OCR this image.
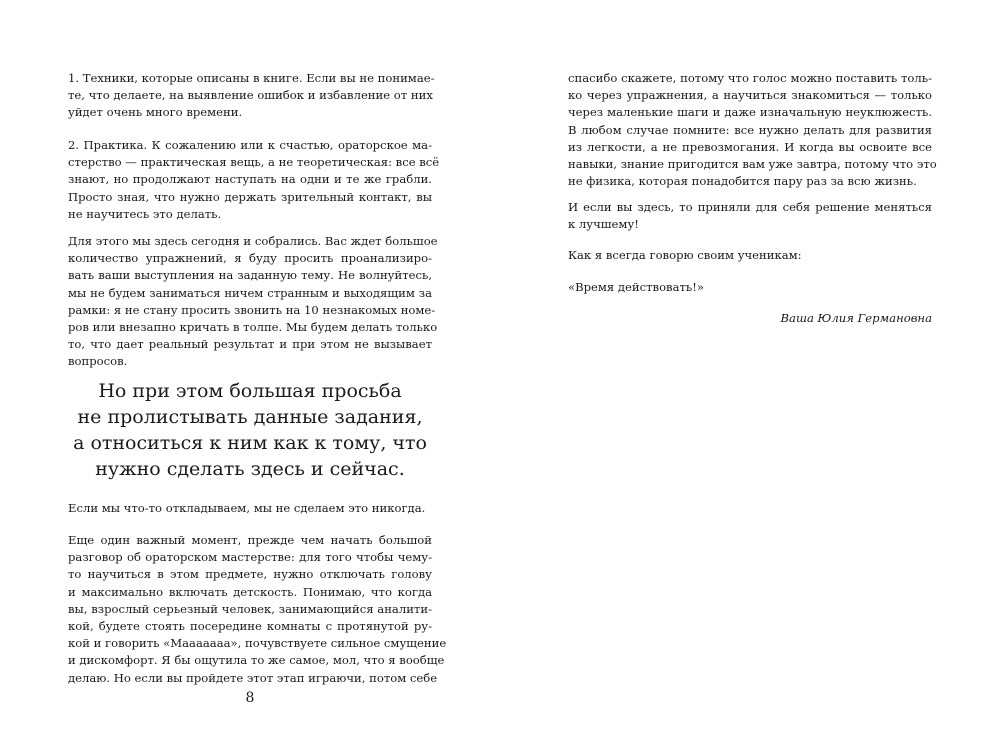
1. Техники, которые описаны в книге. Если вы не понимае-
те, что делаете, на выявление ошибок и избавление от них
уйдет очень много времени.
2. Практика. К сожалению или к счастью, ораторское ма-
стерство — практическая вещь, а не теоретическая: все всё
знают, но продолжают наступать на одни и те же грабли.
Просто зная, что нужно держать зрительный контакт, вы
не научитесь это делать.
Для этого мы здесь сегодня и собрались. Вас ждет большое
количество упражнений, я буду просить проанализиро-
вать ваши выступления на заданную тему. Не волнуйтесь,
мы не будем заниматься ничем странным и выходящим за
рамки: я не стану просить звонить на 10 незнакомых номе-
ров или внезапно кричать в толпе. Мы будем делать только
то, что дает реальный результат и при этом не вызывает
вопросов.
Но при этом большая просьба
не пролистывать данные задания,
а относиться к ним как к тому, что
нужно сделать здесь и сейчас.
Если мы что-то откладываем, мы не сделаем это никогда.
Еще один важный момент, прежде чем начать большой
разговор об ораторском мастерстве: для того чтобы чему-
то научиться в этом предмете, нужно отключать голову
и максимально включать детскость. Понимаю, что когда
вы, взрослый серьезный человек, занимающийся аналити-
кой, будете стоять посередине комнаты с протянутой ру-
кой и говорить «Мааааааа», почувствуете сильное смущение
и дискомфорт. Я бы ощутила то же самое, мол, что я вообще
делаю. Но если вы пройдете этот этап играючи, потом себе
8
спасибо скажете, потому что голос можно поставить толь-
ко через упражнения, а научиться знакомиться — только
через маленькие шаги и даже изначальную неуклюжесть.
В любом случае помните: все нужно делать для развития
из легкости, а не превозмогания. И когда вы освоите все
навыки, знание пригодится вам уже завтра, потому что это
не физика, которая понадобится пару раз за всю жизнь.
И если вы здесь, то приняли для себя решение меняться
к лучшему!
Как я всегда говорю своим ученикам:
«Время действовать!»
Ваша Юлия Германовна
